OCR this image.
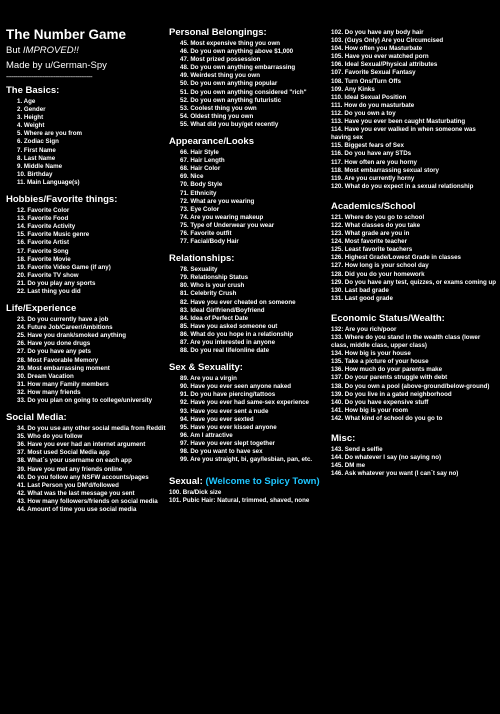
The Number Game
But IMPROVED!!
Made by u/German-Spy
-----------------------------------------------
The Basics:
1. Age
2. Gender
3. Height
4. Weight
5. Where are you from
6. Zodiac Sign
7. First Name
8. Last Name
9. Middle Name
10. Birthday
11. Main Language(s)
Hobbies/Favorite things:
12. Favorite Color
13. Favorite Food
14. Favorite Activity
15. Favorite Music genre
16. Favorite Artist
17. Favorite Song
18. Favorite Movie
19. Favorite Video Game (if any)
20. Favorite TV show
21. Do you play any sports
22. Last thing you did
Life/Experience
23. Do you currently have a job
24. Future Job/Career/Ambitions
25. Have you drank/smoked anything
26. Have you done drugs
27. Do you have any pets
28. Most Favorable Memory
29. Most embarrassing moment
30. Dream Vacation
31. How many Family members
32. How many friends
33. Do you plan on going to college/university
Social Media:
34. Do you use any other social media from Reddit
35. Who do you follow
36. Have you ever had an internet argument
37. Most used Social Media app
38. What`s your username on each app
39. Have you met any friends online
40. Do you follow any NSFW accounts/pages
41. Last Person you DM'd/followed
42. What was the last message you sent
43. How many followers/friends on social media
44. Amount of time you use social media
Personal Belongings:
45. Most expensive thing you own
46. Do you own anything above $1,000
47. Most prized possession
48. Do you own anything embarrassing
49. Weirdest thing you own
50. Do you own anything popular
51. Do you own anything considered "rich"
52. Do you own anything futuristic
53. Coolest thing you own
54. Oldest thing you own
55. What did you buy/get recently
Appearance/Looks
66. Hair Style
67. Hair Length
68. Hair Color
69. Nice
70. Body Style
71. Ethnicity
72. What are you wearing
73. Eye Color
74. Are you wearing makeup
75. Type of Underwear you wear
76. Favorite outfit
77. Facial/Body Hair
Relationships:
78. Sexuality
79. Relationship Status
80. Who is your crush
81. Celebrity Crush
82. Have you ever cheated on someone
83. Ideal Girlfriend/Boyfriend
84. Idea of Perfect Date
85. Have you asked someone out
86. What do you hope in a relationship
87. Are you interested in anyone
88. Do you real life/online date
Sex & Sexuality:
89. Are you a virgin
90. Have you ever seen anyone naked
91. Do you have piercing/tattoos
92. Have you ever had same-sex experience
93. Have you ever sent a nude
94. Have you ever sexted
95. Have you ever kissed anyone
96. Am I attractive
97. Have you ever slept together
98. Do you want to have sex
99. Are you straight, bi, gay/lesbian, pan, etc.
Sexual: (Welcome to Spicy Town)
100. Bra/Dick size
101. Pubic Hair: Natural, trimmed, shaved, none
102. Do you have any body hair
103. (Guys Only) Are you Circumcised
104. How often you Masturbate
105. Have you ever watched porn
106. Ideal Sexual/Physical attributes
107. Favorite Sexual Fantasy
108. Turn Ons/Turn Offs
109. Any Kinks
110. Ideal Sexual Position
111. How do you masturbate
112. Do you own a toy
113. Have you ever been caught Masturbating
114. Have you ever walked in when someone was having sex
115. Biggest fears of Sex
116. Do you have any STDs
117. How often are you horny
118. Most embarrassing sexual story
119. Are you currently horny
120. What do you expect in a sexual relationship
Academics/School
121. Where do you go to school
122. What classes do you take
123. What grade are you in
124. Most favorite teacher
125. Least favorite teachers
126. Highest Grade/Lowest Grade in classes
127. How long is your school day
128. Did you do your homework
129. Do you have any test, quizzes, or exams coming up
130. Last bad grade
131. Last good grade
Economic Status/Wealth:
132: Are you rich/poor
133. Where do you stand in the wealth class (lower class, middle class, upper class)
134. How big is your house
135. Take a picture of your house
136. How much do your parents make
137. Do your parents struggle with debt
138. Do you own a pool (above-ground/below-ground)
139. Do you live in a gated neighborhood
140. Do you have expensive stuff
141. How big is your room
142. What kind of school do you go to
Misc:
143. Send a selfie
144. Do whatever I say (no saying no)
145. DM me
146. Ask whatever you want (I can`t say no)
